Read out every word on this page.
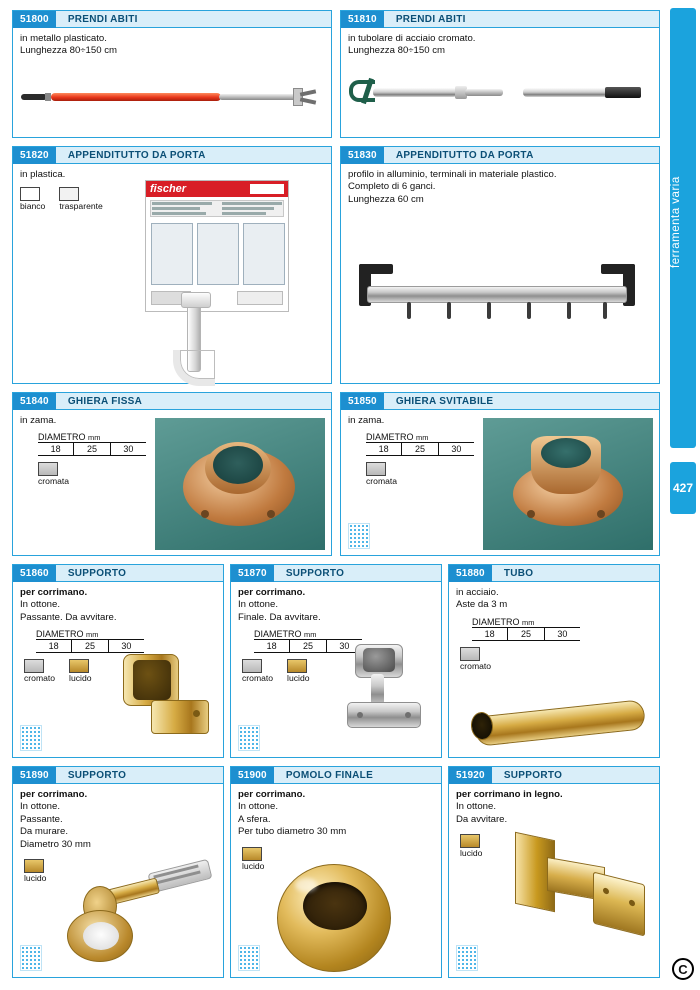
ferramenta varia
427
C
51800	PRENDI ABITI
in metallo plasticato.
Lunghezza 80÷150 cm
51810	PRENDI ABITI
in tubolare di acciaio cromato.
Lunghezza 80÷150 cm
51820	APPENDITUTTO DA PORTA
in plastica.
bianco trasparente
fischer
51830	APPENDITUTTO DA PORTA
profilo in alluminio, terminali in materiale plastico.
Completo di 6 ganci.
Lunghezza 60 cm
51840	GHIERA FISSA
in zama.
DIAMETRO mm
18	25	30
cromata
51850	GHIERA SVITABILE
in zama.
DIAMETRO mm
18	25	30
cromata
51860	SUPPORTO
per corrimano.
In ottone.
Passante. Da avvitare.
DIAMETRO mm
18	25	30
cromato lucido
51870	SUPPORTO
per corrimano.
In ottone.
Finale. Da avvitare.
DIAMETRO mm
18	25	30
cromato lucido
51880	TUBO
in acciaio.
Aste da 3 m
DIAMETRO mm
18	25	30
cromato
51890	SUPPORTO
per corrimano.
In ottone.
Passante.
Da murare.
Diametro 30 mm
lucido
51900	POMOLO FINALE
per corrimano.
In ottone.
A sfera.
Per tubo diametro 30 mm
lucido
51920	SUPPORTO
per corrimano in legno.
In ottone.
Da avvitare.
lucido
